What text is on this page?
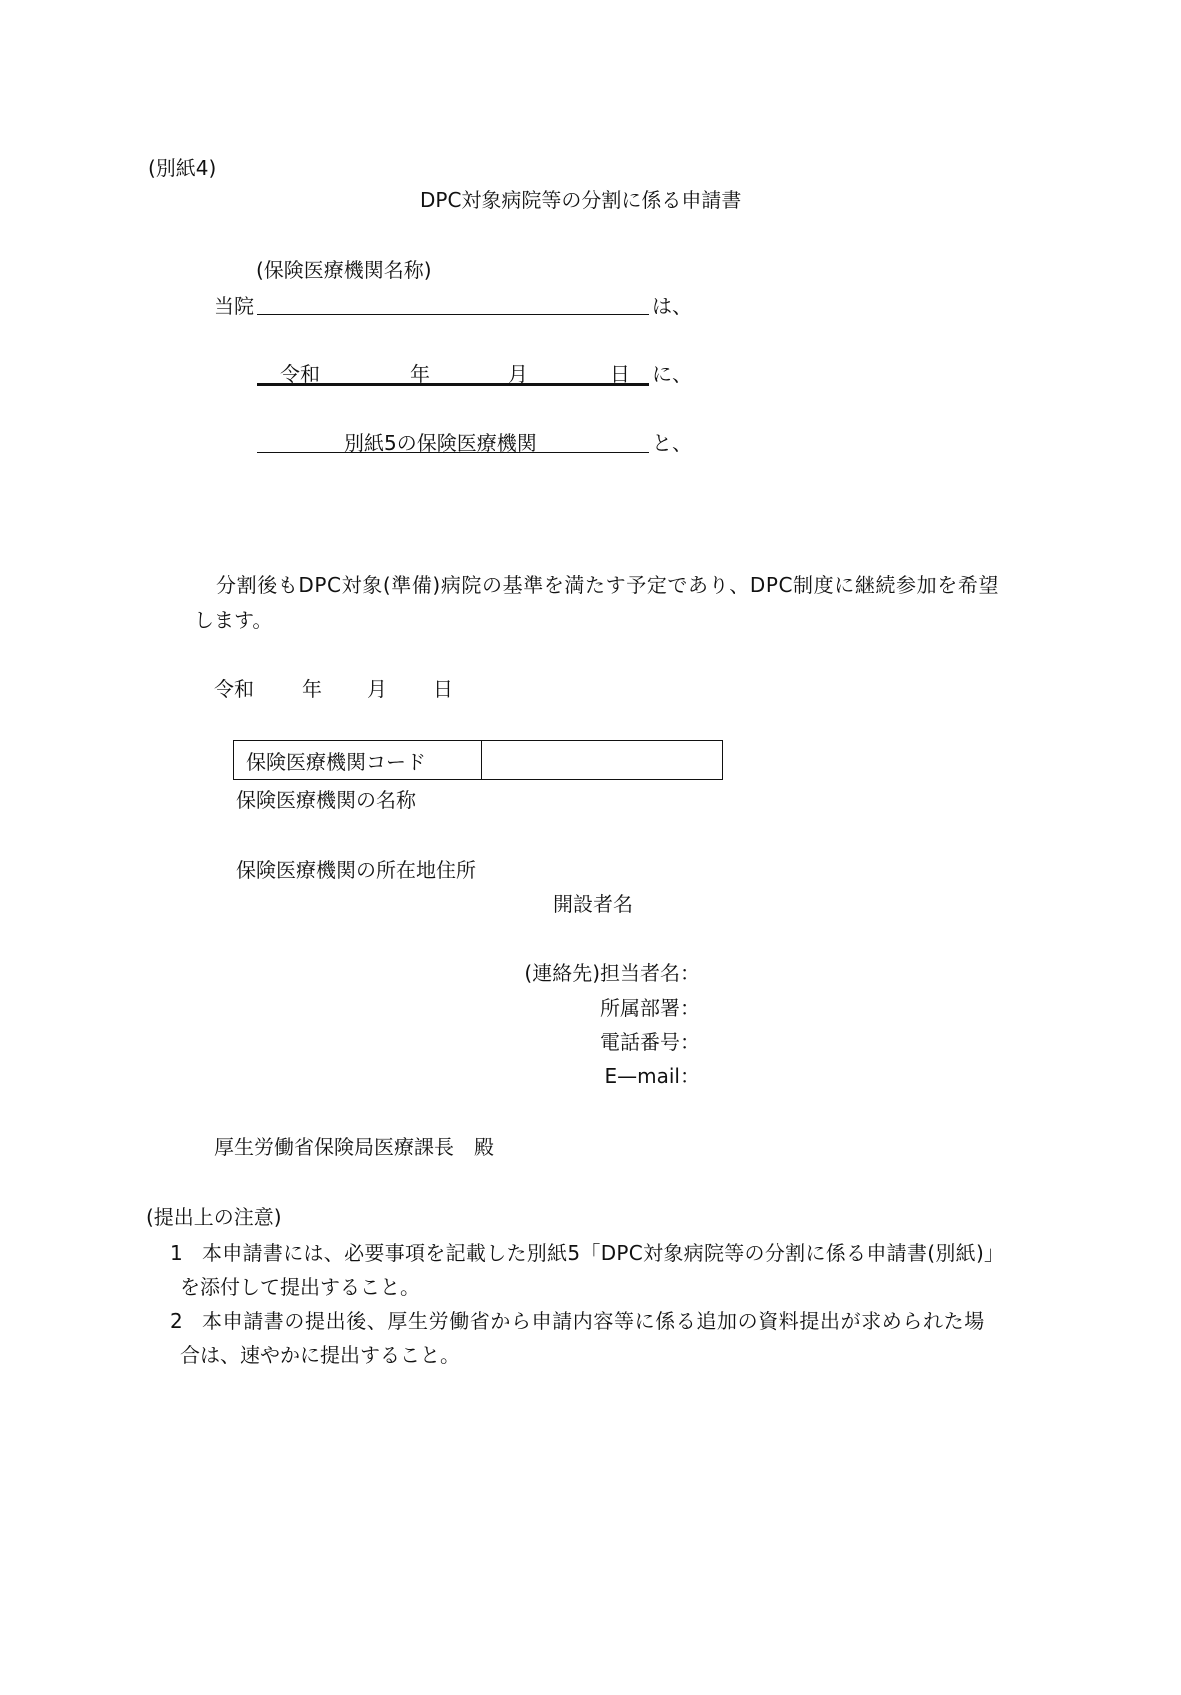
(別紙4)
DPC対象病院等の分割に係る申請書
(保険医療機関名称)
当院	は、
令和	年	月	日 に、
別紙5の保険医療機関	と、
分割後もDPC対象(準備)病院の基準を満たす予定であり、DPC制度に継続参加を希望
します。
令和 年 月 日
保険医療機関コード
保険医療機関の名称
保険医療機関の所在地住所
開設者名
(連絡先)担当者名：
所属部署：
電話番号：
E—mail：
厚生労働省保険局医療課長　殿
(提出上の注意)
1 本申請書には、必要事項を記載した別紙5「DPC対象病院等の分割に係る申請書(別紙)」
を添付して提出すること。
2 本申請書の提出後、厚生労働省から申請内容等に係る追加の資料提出が求められた場
合は、速やかに提出すること。
